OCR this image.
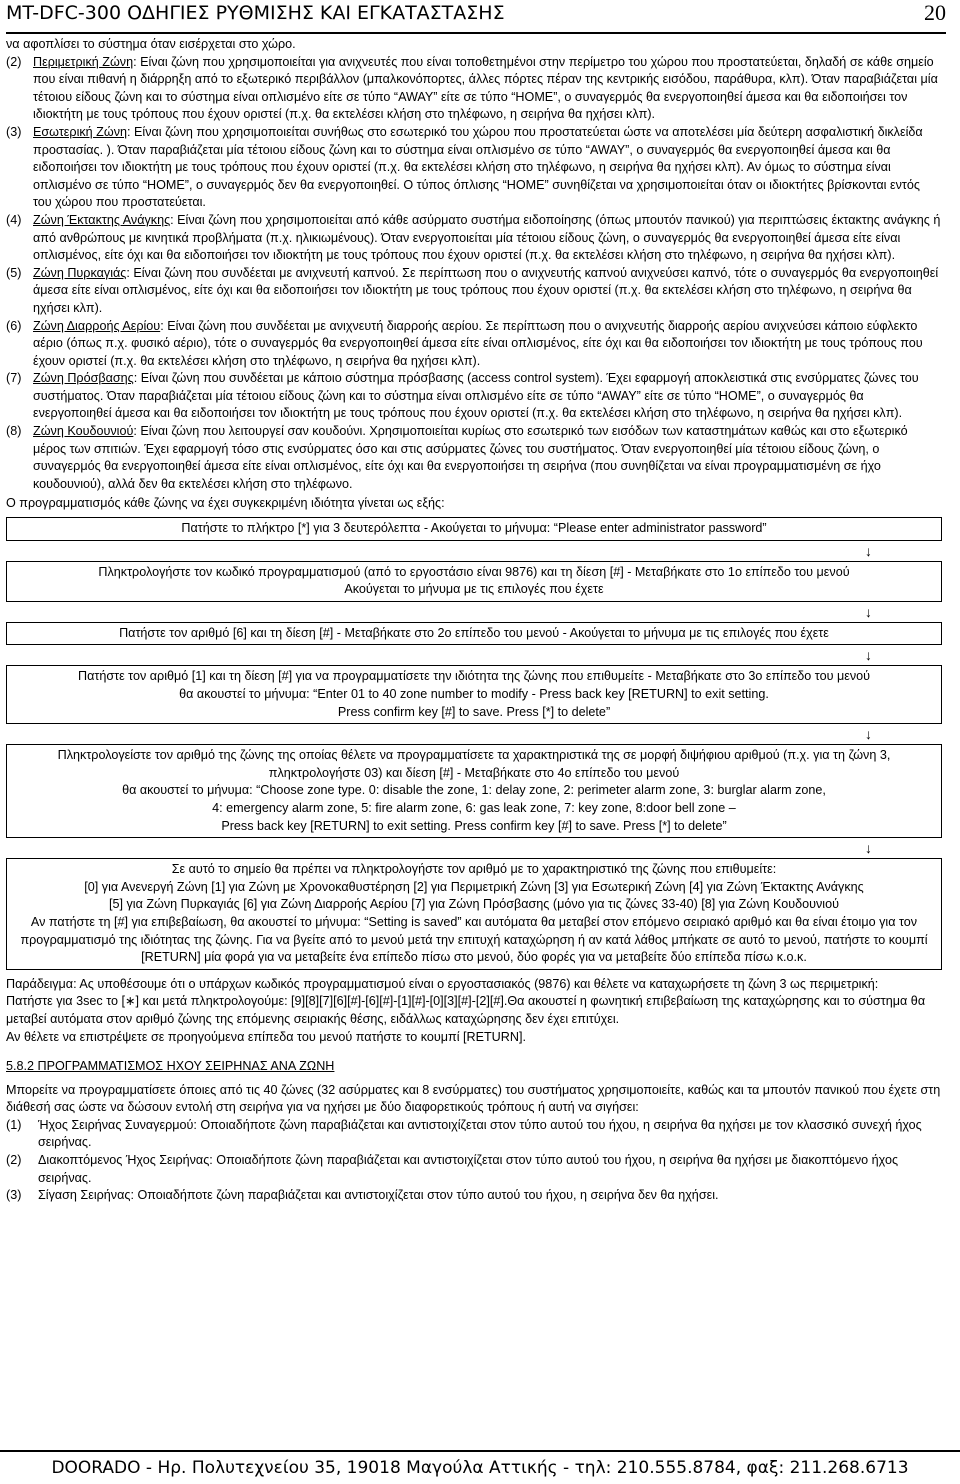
MT-DFC-300 ΟΔΗΓΙΕΣ ΡΥΘΜΙΣΗΣ ΚΑΙ ΕΓΚΑΤΑΣΤΑΣΗΣ	20

να αφοπλίσει το σύστημα όταν εισέρχεται στο χώρο.

(2) Περιμετρική Ζώνη: Είναι ζώνη που χρησιμοποιείται για ανιχνευτές που είναι τοποθετημένοι στην περίμετρο του χώρου που προστατεύεται, δηλαδή σε κάθε σημείο που είναι πιθανή η διάρρηξη από το εξωτερικό περιβάλλον (μπαλκονόπορτες, άλλες πόρτες πέραν της κεντρικής εισόδου, παράθυρα, κλπ). Όταν παραβιάζεται μία τέτοιου είδους ζώνη και το σύστημα είναι οπλισμένο είτε σε τύπο “AWAY” είτε σε τύπο “HOME”, ο συναγερμός θα ενεργοποιηθεί άμεσα και θα ειδοποιήσει τον ιδιοκτήτη με τους τρόπους που έχουν οριστεί (π.χ. θα εκτελέσει κλήση στο τηλέφωνο, η σειρήνα θα ηχήσει κλπ).

(3) Εσωτερική Ζώνη: Είναι ζώνη που χρησιμοποιείται συνήθως στο εσωτερικό του χώρου που προστατεύεται ώστε να αποτελέσει μία δεύτερη ασφαλιστική δικλείδα προστασίας. ). Όταν παραβιάζεται μία τέτοιου είδους ζώνη και το σύστημα είναι οπλισμένο σε τύπο “AWAY”, ο συναγερμός θα ενεργοποιηθεί άμεσα και θα ειδοποιήσει τον ιδιοκτήτη με τους τρόπους που έχουν οριστεί (π.χ. θα εκτελέσει κλήση στο τηλέφωνο, η σειρήνα θα ηχήσει κλπ). Αν όμως το σύστημα είναι οπλισμένο σε τύπο “HOME”, ο συναγερμός δεν θα ενεργοποιηθεί. Ο τύπος όπλισης “HOME” συνηθίζεται να χρησιμοποιείται όταν οι ιδιοκτήτες βρίσκονται εντός του χώρου που προστατεύεται.

(4) Ζώνη Έκτακτης Ανάγκης: Είναι ζώνη που χρησιμοποιείται από κάθε ασύρματο συστήμα ειδοποίησης (όπως μπουτόν πανικού) για περιπτώσεις έκτακτης ανάγκης ή από ανθρώπους με κινητικά προβλήματα (π.χ. ηλικιωμένους). Όταν ενεργοποιείται μία τέτοιου είδους ζώνη, ο συναγερμός θα ενεργοποιηθεί άμεσα είτε είναι οπλισμένος, είτε όχι και θα ειδοποιήσει τον ιδιοκτήτη με τους τρόπους που έχουν οριστεί (π.χ. θα εκτελέσει κλήση στο τηλέφωνο, η σειρήνα θα ηχήσει κλπ).

(5) Ζώνη Πυρκαγιάς: Είναι ζώνη που συνδέεται με ανιχνευτή καπνού. Σε περίπτωση που ο ανιχνευτής καπνού ανιχνεύσει καπνό, τότε ο συναγερμός θα ενεργοποιηθεί άμεσα είτε είναι οπλισμένος, είτε όχι και θα ειδοποιήσει τον ιδιοκτήτη με τους τρόπους που έχουν οριστεί (π.χ. θα εκτελέσει κλήση στο τηλέφωνο, η σειρήνα θα ηχήσει κλπ).

(6) Ζώνη Διαρροής Αερίου: Είναι ζώνη που συνδέεται με ανιχνευτή διαρροής αερίου. Σε περίπτωση που ο ανιχνευτής διαρροής αερίου ανιχνεύσει κάποιο εύφλεκτο αέριο (όπως π.χ. φυσικό αέριο), τότε ο συναγερμός θα ενεργοποιηθεί άμεσα είτε είναι οπλισμένος, είτε όχι και θα ειδοποιήσει τον ιδιοκτήτη με τους τρόπους που έχουν οριστεί (π.χ. θα εκτελέσει κλήση στο τηλέφωνο, η σειρήνα θα ηχήσει κλπ).

(7) Ζώνη Πρόσβασης: Είναι ζώνη που συνδέεται με κάποιο σύστημα πρόσβασης (access control system). Έχει εφαρμογή αποκλειστικά στις ενσύρματες ζώνες του συστήματος. Όταν παραβιάζεται μία τέτοιου είδους ζώνη και το σύστημα είναι οπλισμένο είτε σε τύπο “AWAY” είτε σε τύπο “HOME”, ο συναγερμός θα ενεργοποιηθεί άμεσα και θα ειδοποιήσει τον ιδιοκτήτη με τους τρόπους που έχουν οριστεί (π.χ. θα εκτελέσει κλήση στο τηλέφωνο, η σειρήνα θα ηχήσει κλπ).

(8) Ζώνη Κουδουνιού: Είναι ζώνη που λειτουργεί σαν κουδούνι. Χρησιμοποιείται κυρίως στο εσωτερικό των εισόδων των καταστημάτων καθώς και στο εξωτερικό μέρος των σπιτιών. Έχει εφαρμογή τόσο στις ενσύρματες όσο και στις ασύρματες ζώνες του συστήματος. Όταν ενεργοποιηθεί μία τέτοιου είδους ζώνη, ο συναγερμός θα ενεργοποιηθεί άμεσα είτε είναι οπλισμένος, είτε όχι και θα ενεργοποιήσει τη σειρήνα (που συνηθίζεται να είναι προγραμματισμένη σε ήχο κουδουνιού), αλλά δεν θα εκτελέσει κλήση στο τηλέφωνο.

Ο προγραμματισμός κάθε ζώνης να έχει συγκεκριμένη ιδιότητα γίνεται ως εξής:

Πατήστε το πλήκτρο [*] για 3 δευτερόλεπτα - Ακούγεται το μήνυμα: “Please enter administrator password”
↓
Πληκτρολογήστε τον κωδικό προγραμματισμού (από το εργοστάσιο είναι 9876) και τη δίεση [#] - Μεταβήκατε στο 1ο επίπεδο του μενού
Ακούγεται το μήνυμα με τις επιλογές που έχετε
↓
Πατήστε τον αριθμό [6] και τη δίεση [#] - Μεταβήκατε στο 2ο επίπεδο του μενού - Ακούγεται το μήνυμα με τις επιλογές που έχετε
↓
Πατήστε τον αριθμό [1] και τη δίεση [#] για να προγραμματίσετε την ιδιότητα της ζώνης που επιθυμείτε - Μεταβήκατε στο 3ο επίπεδο του μενού
θα ακουστεί το μήνυμα: “Enter 01 to 40 zone number to modify - Press back key [RETURN] to exit setting.
Press confirm key [#] to save. Press [*] to delete”
↓
Πληκτρολογείστε τον αριθμό της ζώνης της οποίας θέλετε να προγραμματίσετε τα χαρακτηριστικά της σε μορφή διψήφιου αριθμού (π.χ. για τη ζώνη 3, πληκτρολογήστε 03) και δίεση [#] - Μεταβήκατε στο 4ο επίπεδο του μενού
θα ακουστεί το μήνυμα: “Choose zone type. 0: disable the zone, 1: delay zone, 2: perimeter alarm zone, 3: burglar alarm zone,
4: emergency alarm zone, 5: fire alarm zone, 6: gas leak zone, 7: key zone, 8:door bell zone –
Press back key [RETURN] to exit setting. Press confirm key [#] to save. Press [*] to delete”
↓
Σε αυτό το σημείο θα πρέπει να πληκτρολογήστε τον αριθμό με το χαρακτηριστικό της ζώνης που επιθυμείτε:
[0] για Ανενεργή Ζώνη [1] για Ζώνη με Χρονοκαθυστέρηση [2] για Περιμετρική Ζώνη [3] για Εσωτερική Ζώνη [4] για Ζώνη Έκτακτης Ανάγκης
[5] για Ζώνη Πυρκαγιάς [6] για Ζώνη Διαρροής Αερίου [7] για Ζώνη Πρόσβασης (μόνο για τις ζώνες 33-40) [8] για Ζώνη Κουδουνιού
Αν πατήστε τη [#] για επιβεβαίωση, θα ακουστεί το μήνυμα: “Setting is saved” και αυτόματα θα μεταβεί στον επόμενο σειριακό αριθμό και θα είναι έτοιμο για τον προγραμματισμό της ιδιότητας της ζώνης. Για να βγείτε από το μενού μετά την επιτυχή καταχώρηση ή αν κατά λάθος μπήκατε σε αυτό το μενού, πατήστε το κουμπί [RETURN] μία φορά για να μεταβείτε ένα επίπεδο πίσω στο μενού, δύο φορές για να μεταβείτε δύο επίπεδα πίσω κ.ο.κ.

Παράδειγμα: Ας υποθέσουμε ότι ο υπάρχων κωδικός προγραμματισμού είναι ο εργοστασιακός (9876) και θέλετε να καταχωρήσετε τη ζώνη 3 ως περιμετρική:

Πατήστε για 3sec το [∗] και μετά πληκτρολογούμε: [9][8][7][6][#]-[6][#]-[1][#]-[0][3][#]-[2][#].Θα ακουστεί η φωνητική επιβεβαίωση της καταχώρησης και το σύστημα θα μεταβεί αυτόματα στον αριθμό ζώνης της επόμενης σειριακής θέσης, ειδάλλως καταχώρησης δεν έχει επιτύχει.

Αν θέλετε να επιστρέψετε σε προηγούμενα επίπεδα του μενού πατήστε το κουμπί [RETURN].

5.8.2 ΠΡΟΓΡΑΜΜΑΤΙΣΜΟΣ ΗΧΟΥ ΣΕΙΡΗΝΑΣ ΑΝΑ ΖΩΝΗ

Μπορείτε να προγραμματίσετε όποιες από τις 40 ζώνες (32 ασύρματες και 8 ενσύρματες) του συστήματος χρησιμοποιείτε, καθώς και τα μπουτόν πανικού που έχετε στη διάθεσή σας ώστε να δώσουν εντολή στη σειρήνα για να ηχήσει με δύο διαφορετικούς τρόπους ή αυτή να σιγήσει:

(1) Ήχος Σειρήνας Συναγερμού: Οποιαδήποτε ζώνη παραβιάζεται και αντιστοιχίζεται στον τύπο αυτού του ήχου, η σειρήνα θα ηχήσει με τον κλασσικό συνεχή ήχος σειρήνας.

(2) Διακοπτόμενος Ήχος Σειρήνας: Οποιαδήποτε ζώνη παραβιάζεται και αντιστοιχίζεται στον τύπο αυτού του ήχου, η σειρήνα θα ηχήσει με διακοπτόμενο ήχος σειρήνας.

(3) Σίγαση Σειρήνας: Οποιαδήποτε ζώνη παραβιάζεται και αντιστοιχίζεται στον τύπο αυτού του ήχου, η σειρήνα δεν θα ηχήσει.

DOORADO - Ηρ. Πολυτεχνείου 35, 19018 Μαγούλα Αττικής - τηλ: 210.555.8784, φαξ: 211.268.6713
